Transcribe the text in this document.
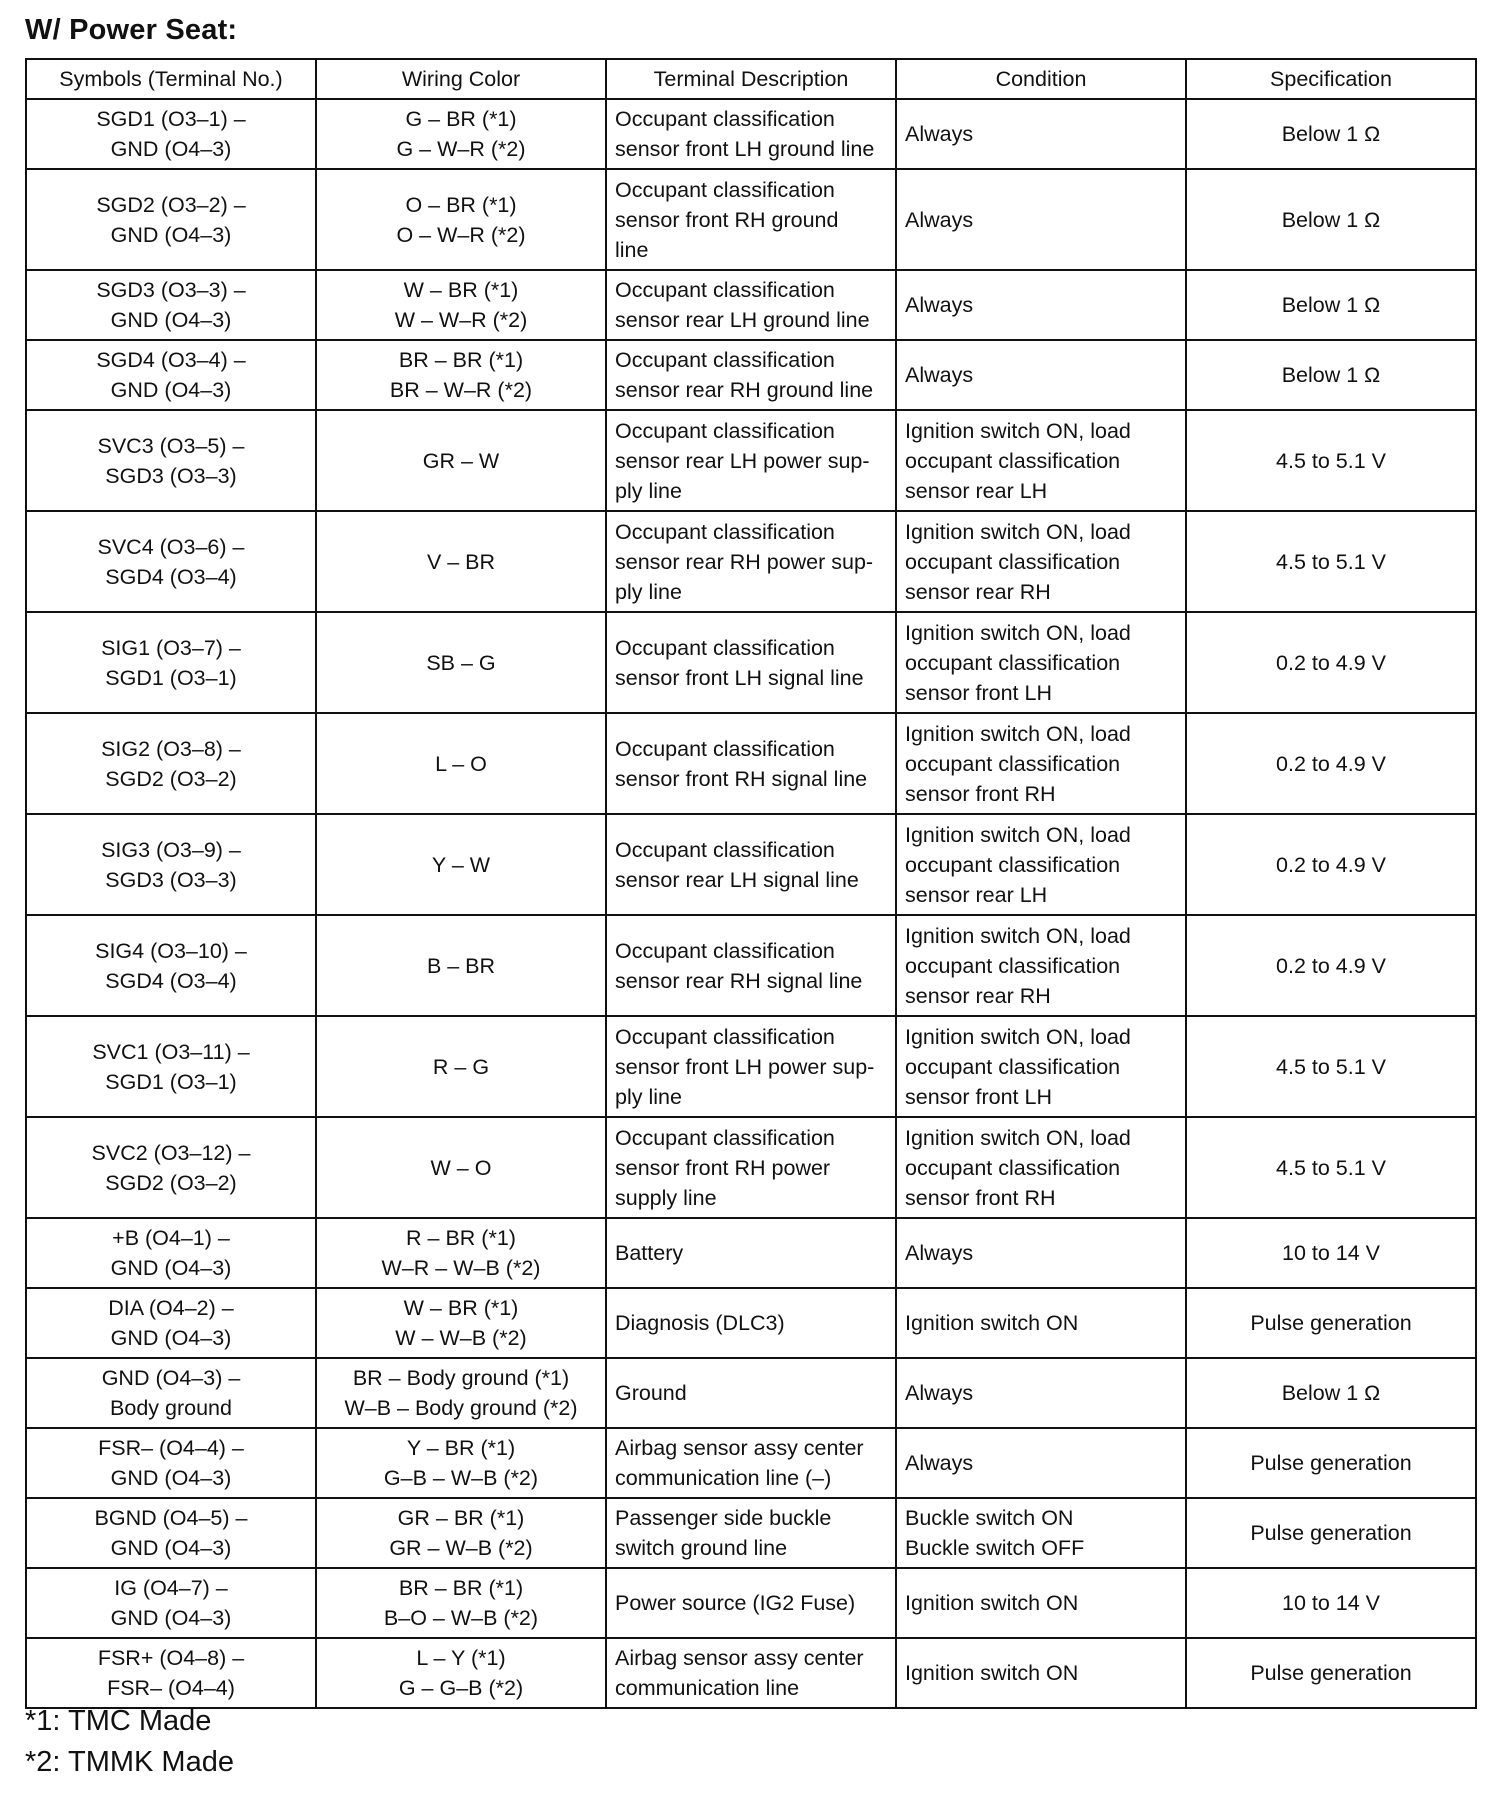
W/ Power Seat:
Symbols (Terminal No.)	Wiring Color	Terminal Description	Condition	Specification

SGD1 (O3–1) –
GND (O4–3)	G – BR (*1)
G – W–R (*2)	Occupant classification
sensor front LH ground line	Always	Below 1 Ω

SGD2 (O3–2) –
GND (O4–3)	O – BR (*1)
O – W–R (*2)	Occupant classification
sensor front RH ground
line	Always	Below 1 Ω

SGD3 (O3–3) –
GND (O4–3)	W – BR (*1)
W – W–R (*2)	Occupant classification
sensor rear LH ground line	Always	Below 1 Ω

SGD4 (O3–4) –
GND (O4–3)	BR – BR (*1)
BR – W–R (*2)	Occupant classification
sensor rear RH ground line	Always	Below 1 Ω

SVC3 (O3–5) –
SGD3 (O3–3)	GR – W	Occupant classification
sensor rear LH power sup-
ply line	Ignition switch ON, load
occupant classification
sensor rear LH	4.5 to 5.1 V

SVC4 (O3–6) –
SGD4 (O3–4)	V – BR	Occupant classification
sensor rear RH power sup-
ply line	Ignition switch ON, load
occupant classification
sensor rear RH	4.5 to 5.1 V

SIG1 (O3–7) –
SGD1 (O3–1)	SB – G	Occupant classification
sensor front LH signal line	Ignition switch ON, load
occupant classification
sensor front LH	0.2 to 4.9 V

SIG2 (O3–8) –
SGD2 (O3–2)	L – O	Occupant classification
sensor front RH signal line	Ignition switch ON, load
occupant classification
sensor front RH	0.2 to 4.9 V

SIG3 (O3–9) –
SGD3 (O3–3)	Y – W	Occupant classification
sensor rear LH signal line	Ignition switch ON, load
occupant classification
sensor rear LH	0.2 to 4.9 V

SIG4 (O3–10) –
SGD4 (O3–4)	B – BR	Occupant classification
sensor rear RH signal line	Ignition switch ON, load
occupant classification
sensor rear RH	0.2 to 4.9 V

SVC1 (O3–11) –
SGD1 (O3–1)	R – G	Occupant classification
sensor front LH power sup-
ply line	Ignition switch ON, load
occupant classification
sensor front LH	4.5 to 5.1 V

SVC2 (O3–12) –
SGD2 (O3–2)	W – O	Occupant classification
sensor front RH power
supply line	Ignition switch ON, load
occupant classification
sensor front RH	4.5 to 5.1 V

+B (O4–1) –
GND (O4–3)	R – BR (*1)
W–R – W–B (*2)	Battery	Always	10 to 14 V

DIA (O4–2) –
GND (O4–3)	W – BR (*1)
W – W–B (*2)	Diagnosis (DLC3)	Ignition switch ON	Pulse generation

GND (O4–3) –
Body ground	BR – Body ground (*1)
W–B – Body ground (*2)	Ground	Always	Below 1 Ω

FSR– (O4–4) –
GND (O4–3)	Y – BR (*1)
G–B – W–B (*2)	Airbag sensor assy center
communication line (–)	Always	Pulse generation

BGND (O4–5) –
GND (O4–3)	GR – BR (*1)
GR – W–B (*2)	Passenger side buckle
switch ground line	Buckle switch ON
Buckle switch OFF	Pulse generation

IG (O4–7) –
GND (O4–3)	BR – BR (*1)
B–O – W–B (*2)	Power source (IG2 Fuse)	Ignition switch ON	10 to 14 V

FSR+ (O4–8) –
FSR– (O4–4)	L – Y (*1)
G – G–B (*2)	Airbag sensor assy center
communication line	Ignition switch ON	Pulse generation
*1: TMC Made
*2: TMMK Made
